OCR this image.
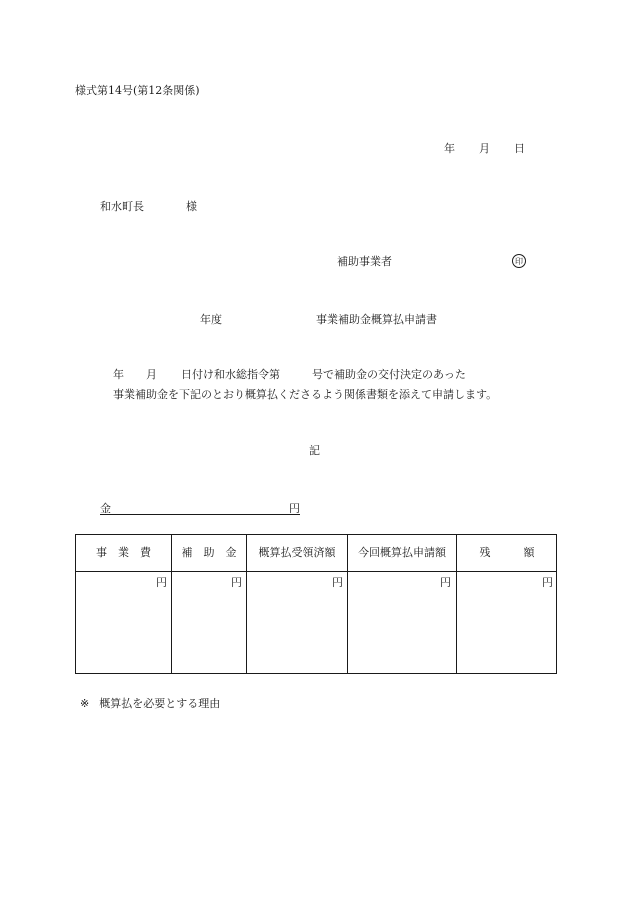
様式第14号(第12条関係)
年 月 日
和水町長	様
補助事業者	印
年度	事業補助金概算払申請書
年 月 日付け和水総指令第	号で補助金の交付決定のあった
事業補助金を下記のとおり概算払くださるよう関係書類を添えて申請します。
記
金	円
事　業　費	補　助　金	概算払受領済額	今回概算払申請額	残　　　額
円	円	円	円	円
※ 概算払を必要とする理由
